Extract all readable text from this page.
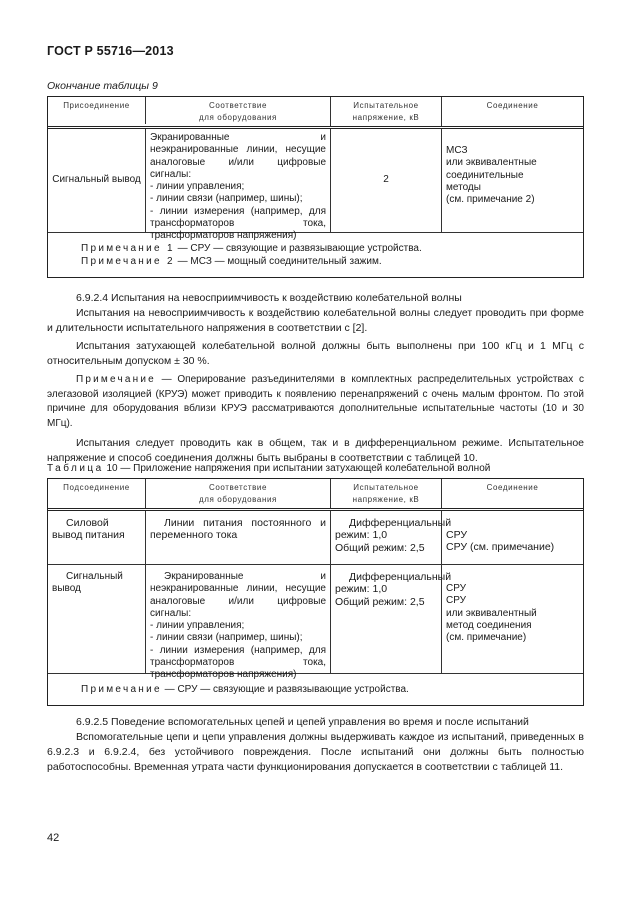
ГОСТ Р 55716—2013
Окончание таблицы 9
Присоединение	Соответствие
для оборудования
Испытательное
напряжение, кВ
Соединение
Сигнальный вывод
Экранированные и неэкранированные линии, несущие аналоговые и/или цифровые сигналы:
- линии управления;
- линии связи (например, шины);
- линии измерения (например, для трансформаторов тока, трансформаторов напряжения)
2
МСЗ
или эквивалентные
соединительные
методы
(см. примечание 2)
Примечание 1 — СРУ — связующие и развязывающие устройства.
Примечание 2 — МСЗ — мощный соединительный зажим.
6.9.2.4 Испытания на невосприимчивость к воздействию колебательной волны
Испытания на невосприимчивость к воздействию колебательной волны следует проводить при форме и длительности испытательного напряжения в соответствии с [2].
Испытания затухающей колебательной волной должны быть выполнены при 100 кГц и 1 МГц с относительным допуском ± 30 %.
Примечание — Оперирование разъединителями в комплектных распределительных устройствах с элегазовой изоляцией (КРУЭ) может приводить к появлению перенапряжений с очень малым фронтом. По этой причине для оборудования вблизи КРУЭ рассматриваются дополнительные испытательные частоты (10 и 30 МГц).
Испытания следует проводить как в общем, так и в дифференциальном режиме. Испытательное напряжение и способ соединения должны быть выбраны в соответствии с таблицей 10.
Таблица 10 — Приложение напряжения при испытании затухающей колебательной волной
Подсоединение	Соответствие
для оборудования
Испытательное
напряжение, кВ
Соединение
Силовой вывод питания
Линии питания постоянного и переменного тока
Дифференциальный режим: 1,0
Общий режим: 2,5
СРУ
СРУ (см. примечание)
Сигнальный вывод
Экранированные и неэкранированные линии, несущие аналоговые и/или цифровые сигналы:
- линии управления;
- линии связи (например, шины);
- линии измерения (например, для трансформаторов тока, трансформаторов напряжения)
Дифференциальный режим: 1,0
Общий режим: 2,5
СРУ
СРУ
или эквивалентный
метод соединения
(см. примечание)
Примечание — СРУ — связующие и развязывающие устройства.
6.9.2.5 Поведение вспомогательных цепей и цепей управления во время и после испытаний
Вспомогательные цепи и цепи управления должны выдерживать каждое из испытаний, приведенных в 6.9.2.3 и 6.9.2.4, без устойчивого повреждения. После испытаний они должны быть полностью работоспособны. Временная утрата части функционирования допускается в соответствии с таблицей 11.
42
